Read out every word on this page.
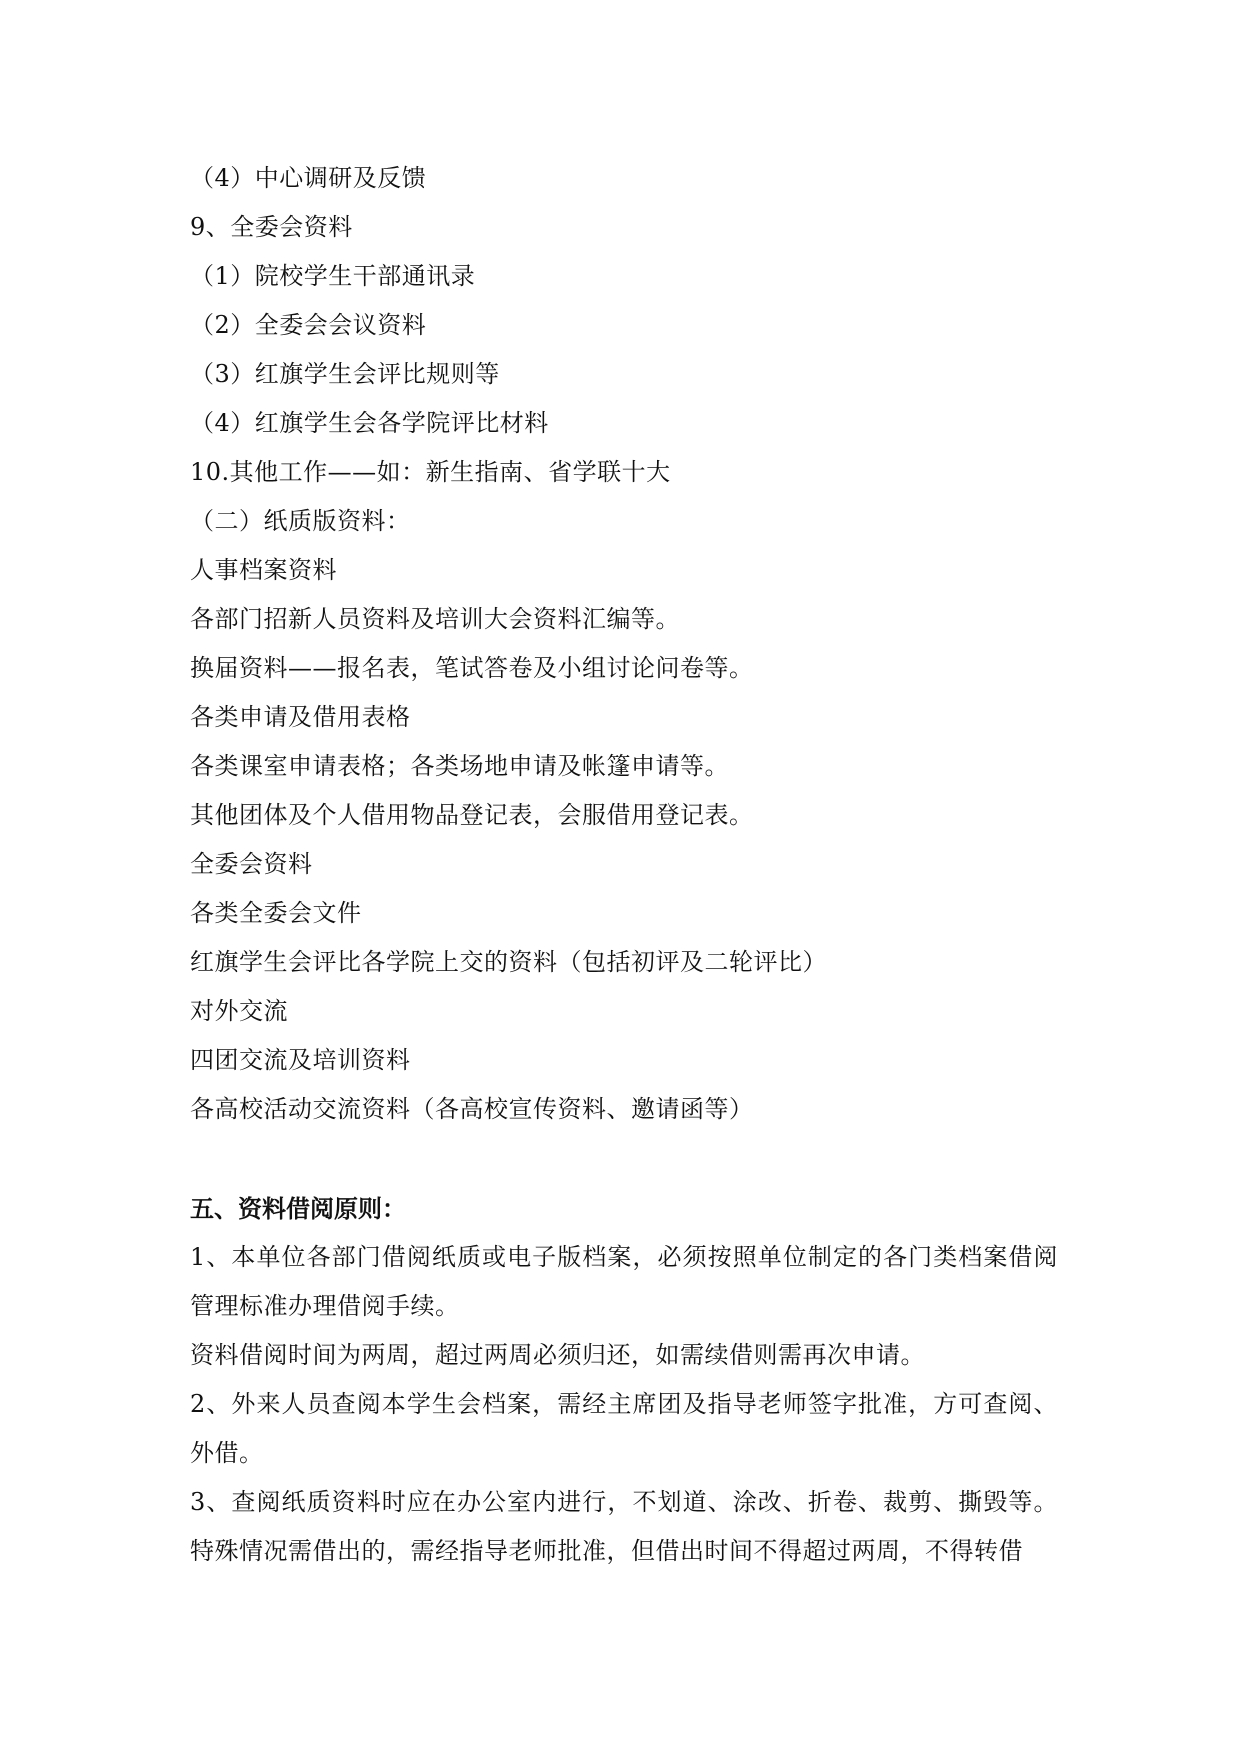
（4）中心调研及反馈
9、全委会资料
（1）院校学生干部通讯录
（2）全委会会议资料
（3）红旗学生会评比规则等
（4）红旗学生会各学院评比材料
10.其他工作——如：新生指南、省学联十大
（二）纸质版资料：
人事档案资料
各部门招新人员资料及培训大会资料汇编等。
换届资料——报名表，笔试答卷及小组讨论问卷等。
各类申请及借用表格
各类课室申请表格；各类场地申请及帐篷申请等。
其他团体及个人借用物品登记表，会服借用登记表。
全委会资料
各类全委会文件
红旗学生会评比各学院上交的资料（包括初评及二轮评比）
对外交流
四团交流及培训资料
各高校活动交流资料（各高校宣传资料、邀请函等）
五、资料借阅原则：
1、本单位各部门借阅纸质或电子版档案，必须按照单位制定的各门类档案借阅管理标准办理借阅手续。
资料借阅时间为两周，超过两周必须归还，如需续借则需再次申请。
2、外来人员查阅本学生会档案，需经主席团及指导老师签字批准，方可查阅、外借。
3、查阅纸质资料时应在办公室内进行，不划道、涂改、折卷、裁剪、撕毁等。特殊情况需借出的，需经指导老师批准，但借出时间不得超过两周，不得转借
